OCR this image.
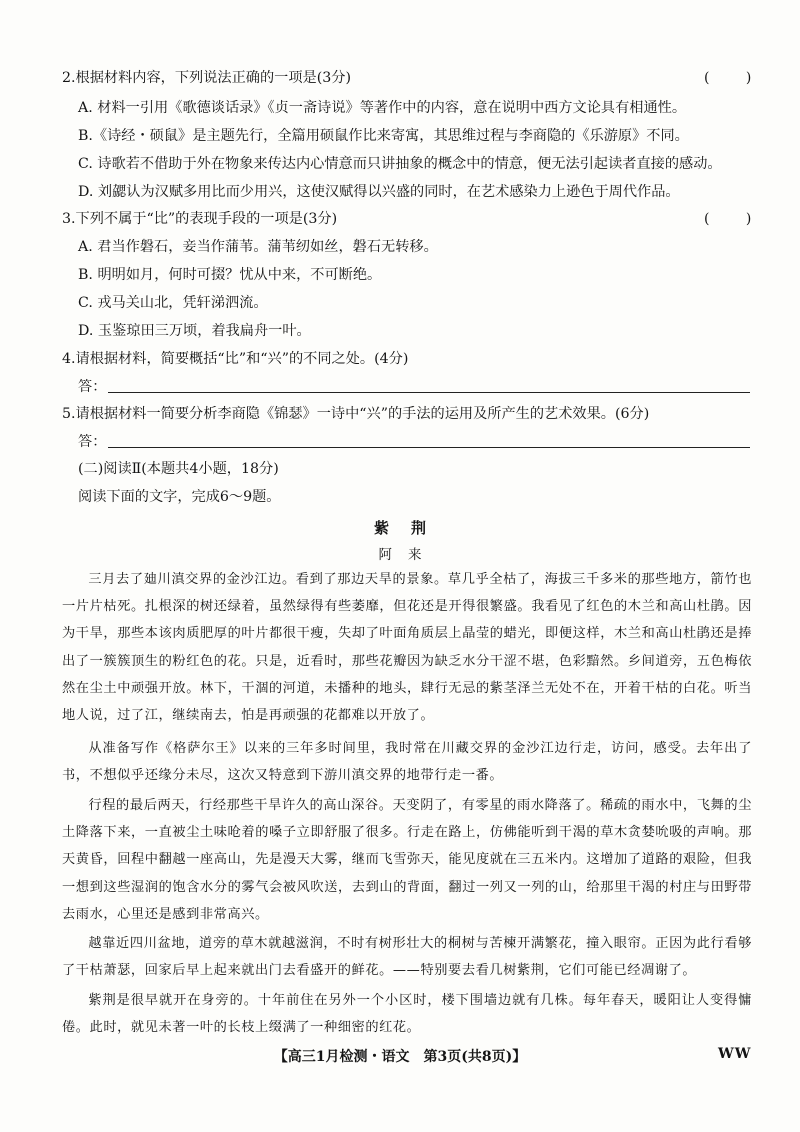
2.根据材料内容，下列说法正确的一项是(3分)	( )
A. 材料一引用《歌德谈话录》《贞一斋诗说》等著作中的内容，意在说明中西方文论具有相通性。
B.《诗经・硕鼠》是主题先行，全篇用硕鼠作比来寄寓，其思维过程与李商隐的《乐游原》不同。
C. 诗歌若不借助于外在物象来传达内心情意而只讲抽象的概念中的情意，便无法引起读者直接的感动。
D. 刘勰认为汉赋多用比而少用兴，这使汉赋得以兴盛的同时，在艺术感染力上逊色于周代作品。
3.下列不属于“比”的表现手段的一项是(3分)	( )
A. 君当作磐石，妾当作蒲苇。蒲苇纫如丝，磐石无转移。
B. 明明如月，何时可掇？忧从中来，不可断绝。
C. 戎马关山北，凭轩涕泗流。
D. 玉鉴琼田三万顷，着我扁舟一叶。
4.请根据材料，简要概括“比”和“兴”的不同之处。(4分)
答：
5.请根据材料一简要分析李商隐《锦瑟》一诗中“兴”的手法的运用及所产生的艺术效果。(6分)
答：
(二)阅读Ⅱ(本题共4小题，18分)
阅读下面的文字，完成6～9题。
紫荆
阿来
三月去了廸川滇交界的金沙江边。看到了那边天旱的景象。草几乎全枯了，海拔三千多米的那些地方，箭竹也一片片枯死。扎根深的树还绿着，虽然绿得有些萎靡，但花还是开得很繁盛。我看见了红色的木兰和高山杜鹃。因为干旱，那些本该肉质肥厚的叶片都很干瘦，失却了叶面角质层上晶莹的蜡光，即便这样，木兰和高山杜鹃还是捧出了一簇簇顶生的粉红色的花。只是，近看时，那些花瓣因为缺乏水分干涩不堪，色彩黯然。乡间道旁，五色梅依然在尘土中顽强开放。林下，干涸的河道，未播种的地头，肆行无忌的紫茎泽兰无处不在，开着干枯的白花。听当地人说，过了江，继续南去，怕是再顽强的花都难以开放了。
从准备写作《格萨尔王》以来的三年多时间里，我时常在川藏交界的金沙江边行走，访问，感受。去年出了书，不想似乎还缘分未尽，这次又特意到下游川滇交界的地带行走一番。
行程的最后两天，行经那些干旱许久的高山深谷。天变阴了，有零星的雨水降落了。稀疏的雨水中，飞舞的尘土降落下来，一直被尘土味呛着的嗓子立即舒服了很多。行走在路上，仿佛能听到干渴的草木贪婪吮吸的声响。那天黄昏，回程中翻越一座高山，先是漫天大雾，继而飞雪弥天，能见度就在三五米内。这增加了道路的艰险，但我一想到这些湿润的饱含水分的雾气会被风吹送，去到山的背面，翻过一列又一列的山，给那里干渴的村庄与田野带去雨水，心里还是感到非常高兴。
越靠近四川盆地，道旁的草木就越滋润，不时有树形壮大的桐树与苦楝开满繁花，撞入眼帘。正因为此行看够了干枯萧瑟，回家后早上起来就出门去看盛开的鲜花。——特别要去看几树紫荆，它们可能已经凋谢了。
紫荆是很早就开在身旁的。十年前住在另外一个小区时，楼下围墙边就有几株。每年春天，暖阳让人变得慵倦。此时，就见未著一叶的长枝上缀满了一种细密的红花。
【高三1月检测・语文　第3页(共8页)】	WW
